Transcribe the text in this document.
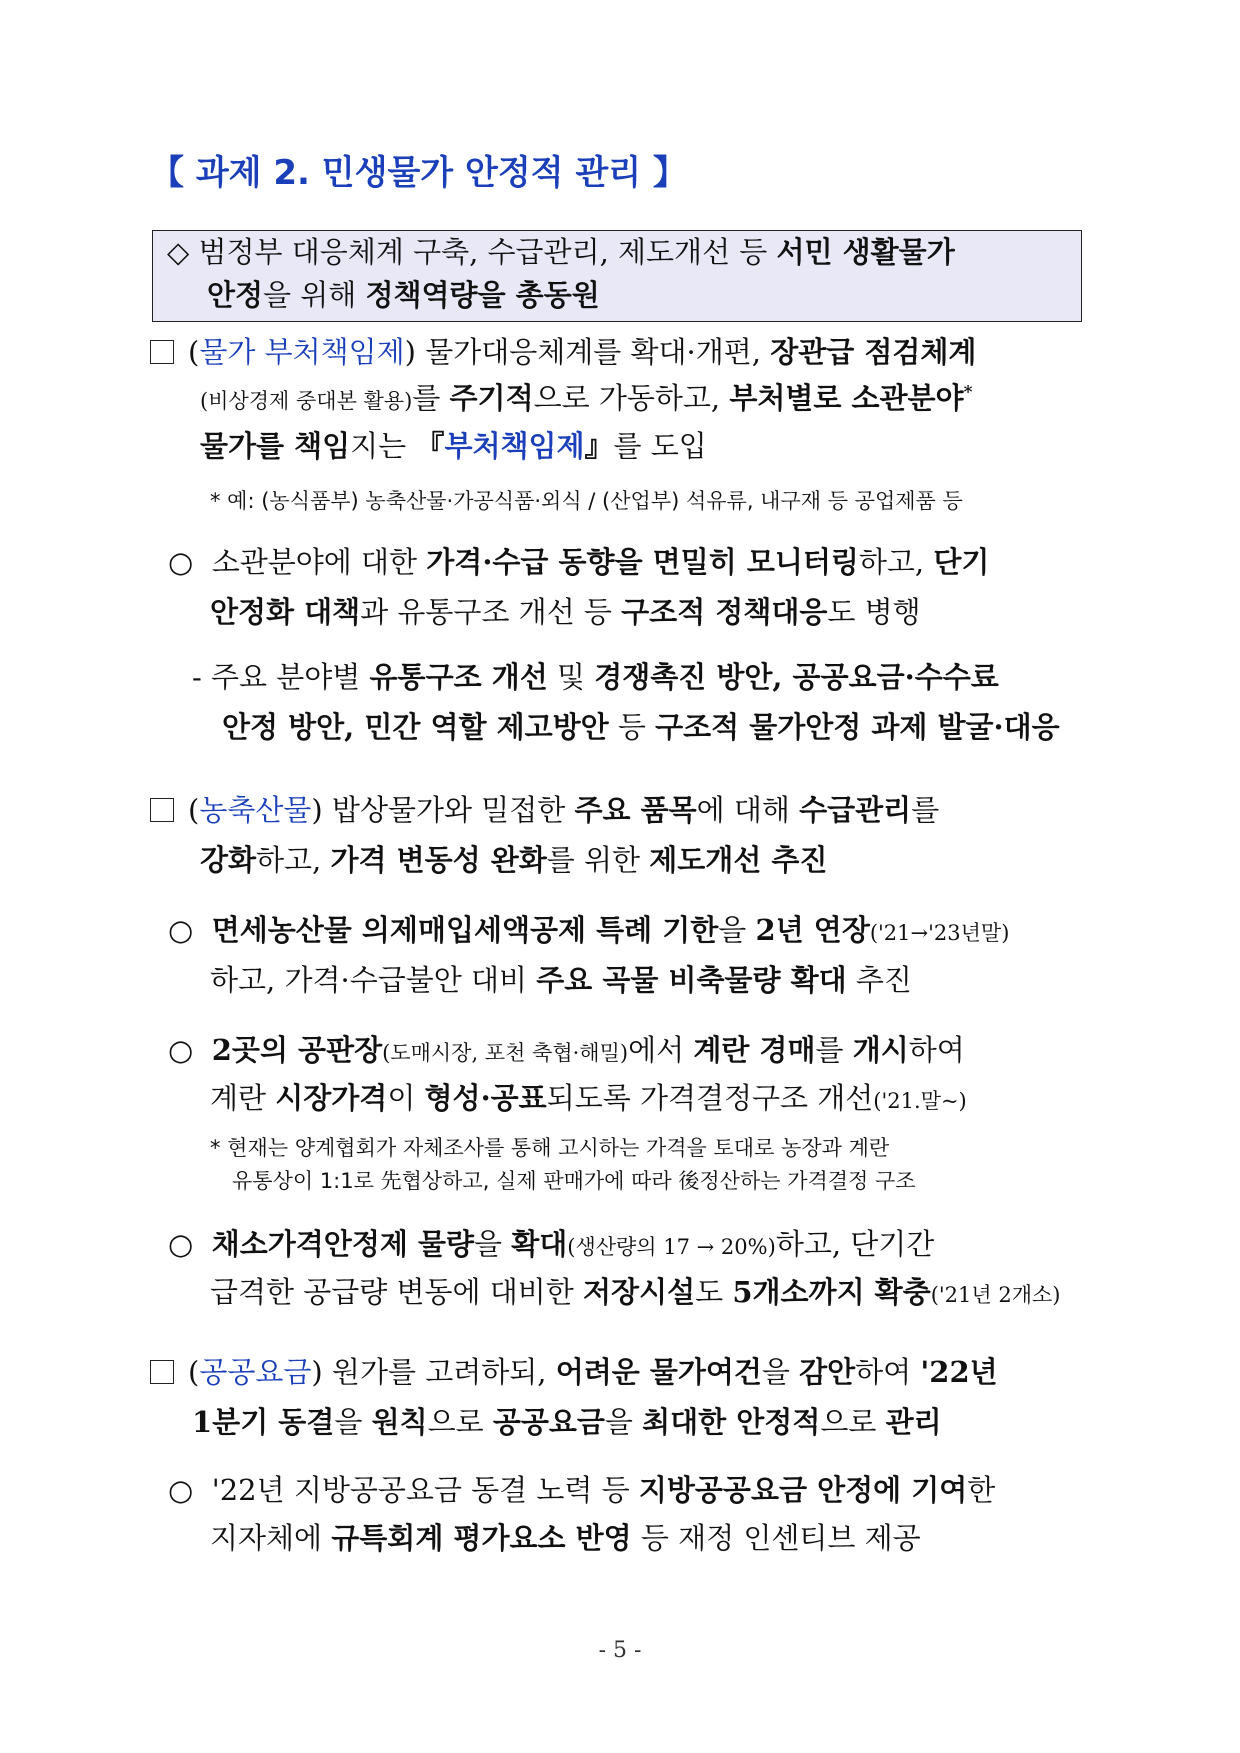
【 과제 2. 민생물가 안정적 관리 】
◇ 범정부 대응체계 구축, 수급관리, 제도개선 등 서민 생활물가
안정을 위해 정책역량을 총동원
(물가 부처책임제) 물가대응체계를 확대·개편, 장관급 점검체계
(비상경제 중대본 활용)를 주기적으로 가동하고, 부처별로 소관분야*
물가를 책임지는 『부처책임제』를 도입
* 예: (농식품부) 농축산물·가공식품·외식 / (산업부) 석유류, 내구재 등 공업제품 등
○ 소관분야에 대한 가격·수급 동향을 면밀히 모니터링하고, 단기
안정화 대책과 유통구조 개선 등 구조적 정책대응도 병행
- 주요 분야별 유통구조 개선 및 경쟁촉진 방안, 공공요금·수수료
안정 방안, 민간 역할 제고방안 등 구조적 물가안정 과제 발굴·대응
(농축산물) 밥상물가와 밀접한 주요 품목에 대해 수급관리를
강화하고, 가격 변동성 완화를 위한 제도개선 추진
○ 면세농산물 의제매입세액공제 특례 기한을 2년 연장('21→'23년말)
하고, 가격·수급불안 대비 주요 곡물 비축물량 확대 추진
○ 2곳의 공판장(도매시장, 포천 축협·해밀)에서 계란 경매를 개시하여
계란 시장가격이 형성·공표되도록 가격결정구조 개선('21.말~)
* 현재는 양계협회가 자체조사를 통해 고시하는 가격을 토대로 농장과 계란
유통상이 1:1로 先협상하고, 실제 판매가에 따라 後정산하는 가격결정 구조
○ 채소가격안정제 물량을 확대(생산량의 17 → 20%)하고, 단기간
급격한 공급량 변동에 대비한 저장시설도 5개소까지 확충('21년 2개소)
(공공요금) 원가를 고려하되, 어려운 물가여건을 감안하여 '22년
1분기 동결을 원칙으로 공공요금을 최대한 안정적으로 관리
○ '22년 지방공공요금 동결 노력 등 지방공공요금 안정에 기여한
지자체에 규특회계 평가요소 반영 등 재정 인센티브 제공
- 5 -
